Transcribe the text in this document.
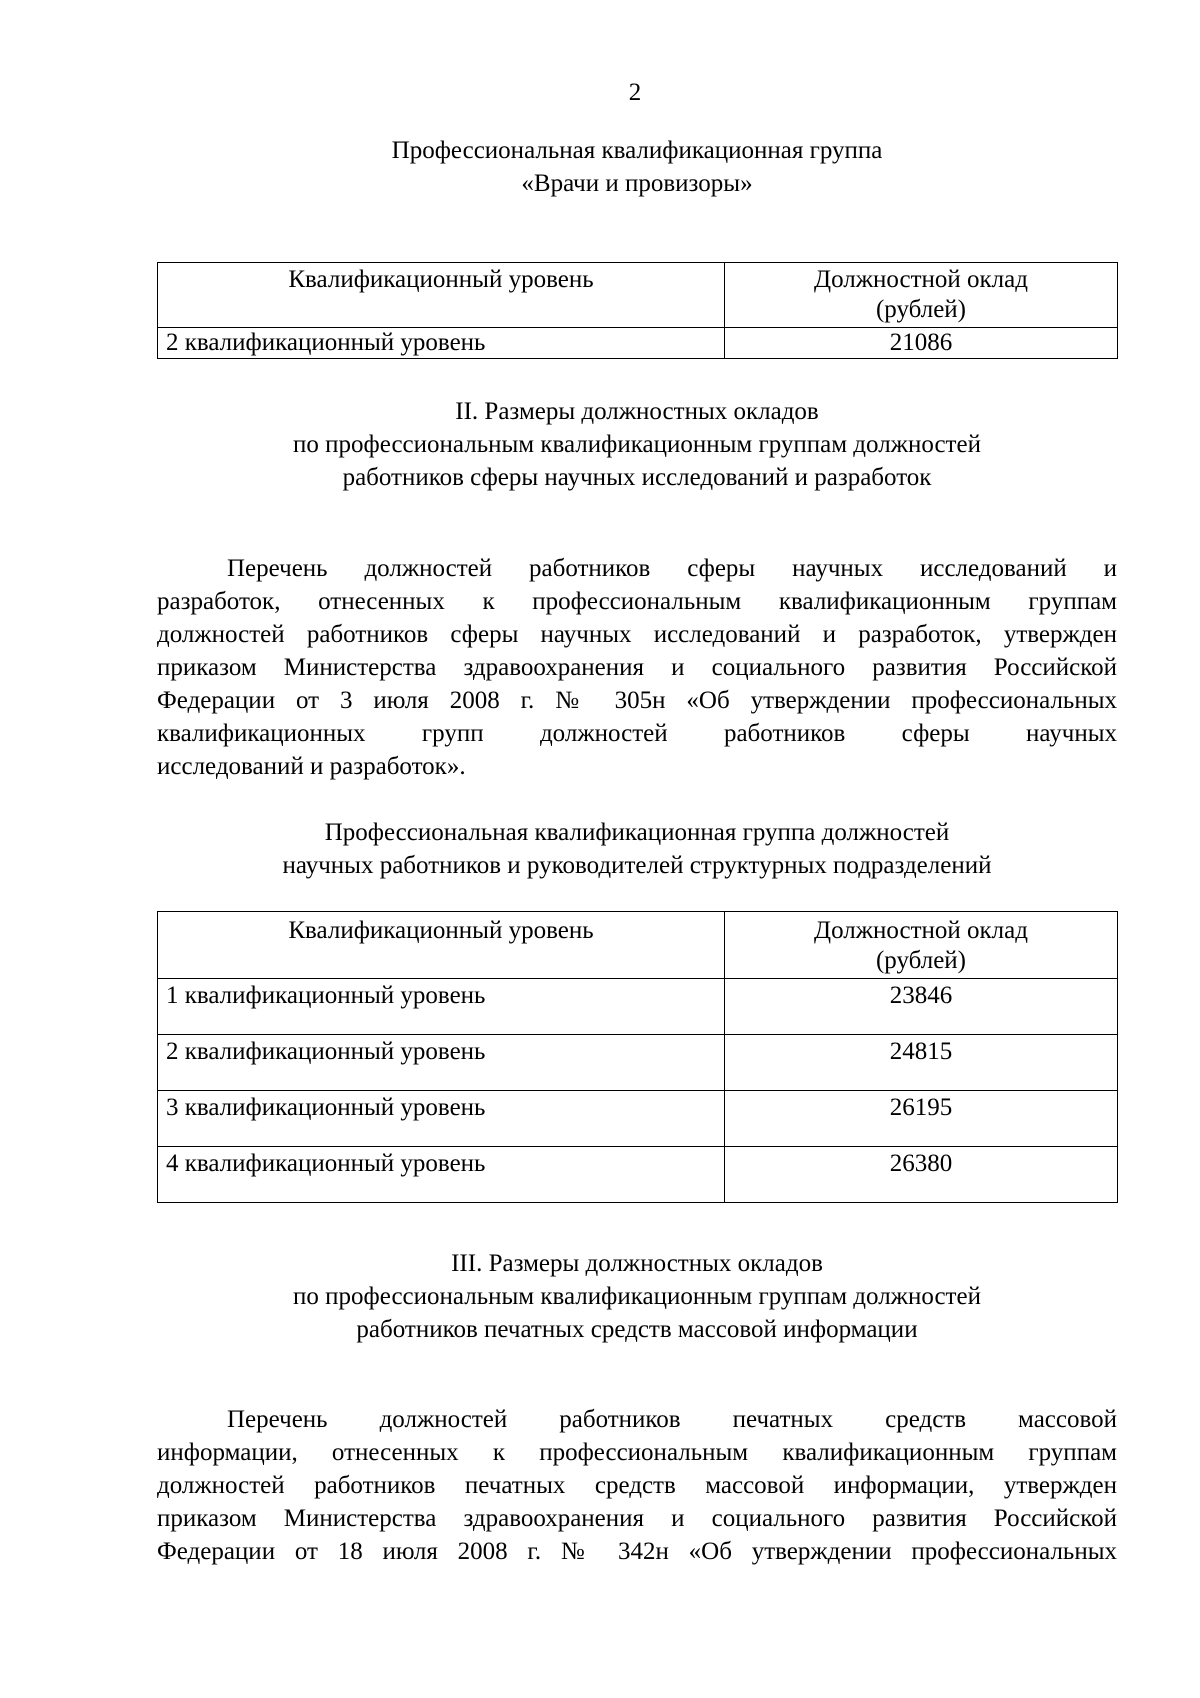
2
Профессиональная квалификационная группа
«Врачи и провизоры»
Квалификационный уровень	Должностной оклад
(рублей)

2 квалификационный уровень	21086
II. Размеры должностных окладов
по профессиональным квалификационным группам должностей
работников сферы научных исследований и разработок
Перечень должностей работников сферы научных исследований и
разработок, отнесенных к профессиональным квалификационным группам
должностей работников сферы научных исследований и разработок, утвержден
приказом Министерства здравоохранения и социального развития Российской
Федерации от 3 июля 2008 г. № 305н «Об утверждении профессиональных
квалификационных групп должностей работников сферы научных
исследований и разработок».
Профессиональная квалификационная группа должностей
научных работников и руководителей структурных подразделений
Квалификационный уровень	Должностной оклад
(рублей)

1 квалификационный уровень	23846
2 квалификационный уровень	24815
3 квалификационный уровень	26195
4 квалификационный уровень	26380
III. Размеры должностных окладов
по профессиональным квалификационным группам должностей
работников печатных средств массовой информации
Перечень должностей работников печатных средств массовой
информации, отнесенных к профессиональным квалификационным группам
должностей работников печатных средств массовой информации, утвержден
приказом Министерства здравоохранения и социального развития Российской
Федерации от 18 июля 2008 г. № 342н «Об утверждении профессиональных
